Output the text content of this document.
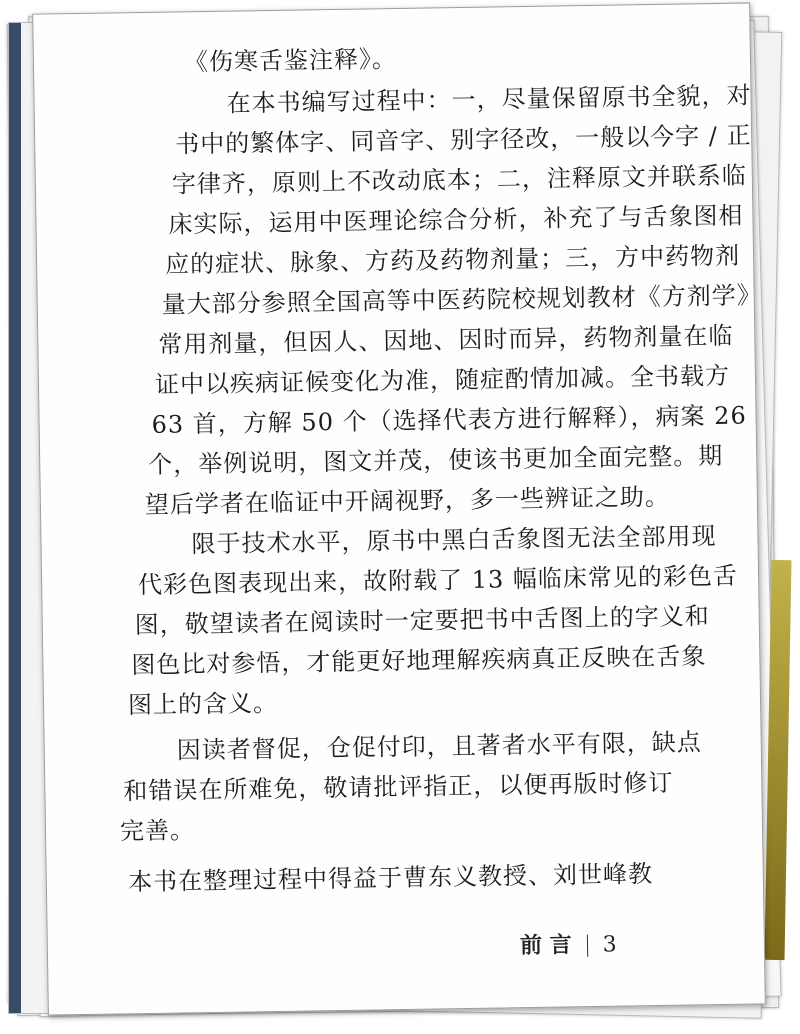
《伤寒舌鉴注释》。
在本书编写过程中：一，尽量保留原书全貌，对
书中的繁体字、同音字、别字径改，一般以今字 / 正
字律齐，原则上不改动底本；二，注释原文并联系临
床实际，运用中医理论综合分析，补充了与舌象图相
应的症状、脉象、方药及药物剂量；三，方中药物剂
量大部分参照全国高等中医药院校规划教材《方剂学》
常用剂量，但因人、因地、因时而异，药物剂量在临
证中以疾病证候变化为准，随症酌情加减。全书载方
63 首，方解 50 个（选择代表方进行解释），病案 26
个，举例说明，图文并茂，使该书更加全面完整。期
望后学者在临证中开阔视野，多一些辨证之助。
限于技术水平，原书中黑白舌象图无法全部用现
代彩色图表现出来，故附载了 13 幅临床常见的彩色舌
图，敬望读者在阅读时一定要把书中舌图上的字义和
图色比对参悟，才能更好地理解疾病真正反映在舌象
图上的含义。
因读者督促，仓促付印，且著者水平有限，缺点
和错误在所难免，敬请批评指正，以便再版时修订
完善。
本书在整理过程中得益于曹东义教授、刘世峰教
前 言 3
